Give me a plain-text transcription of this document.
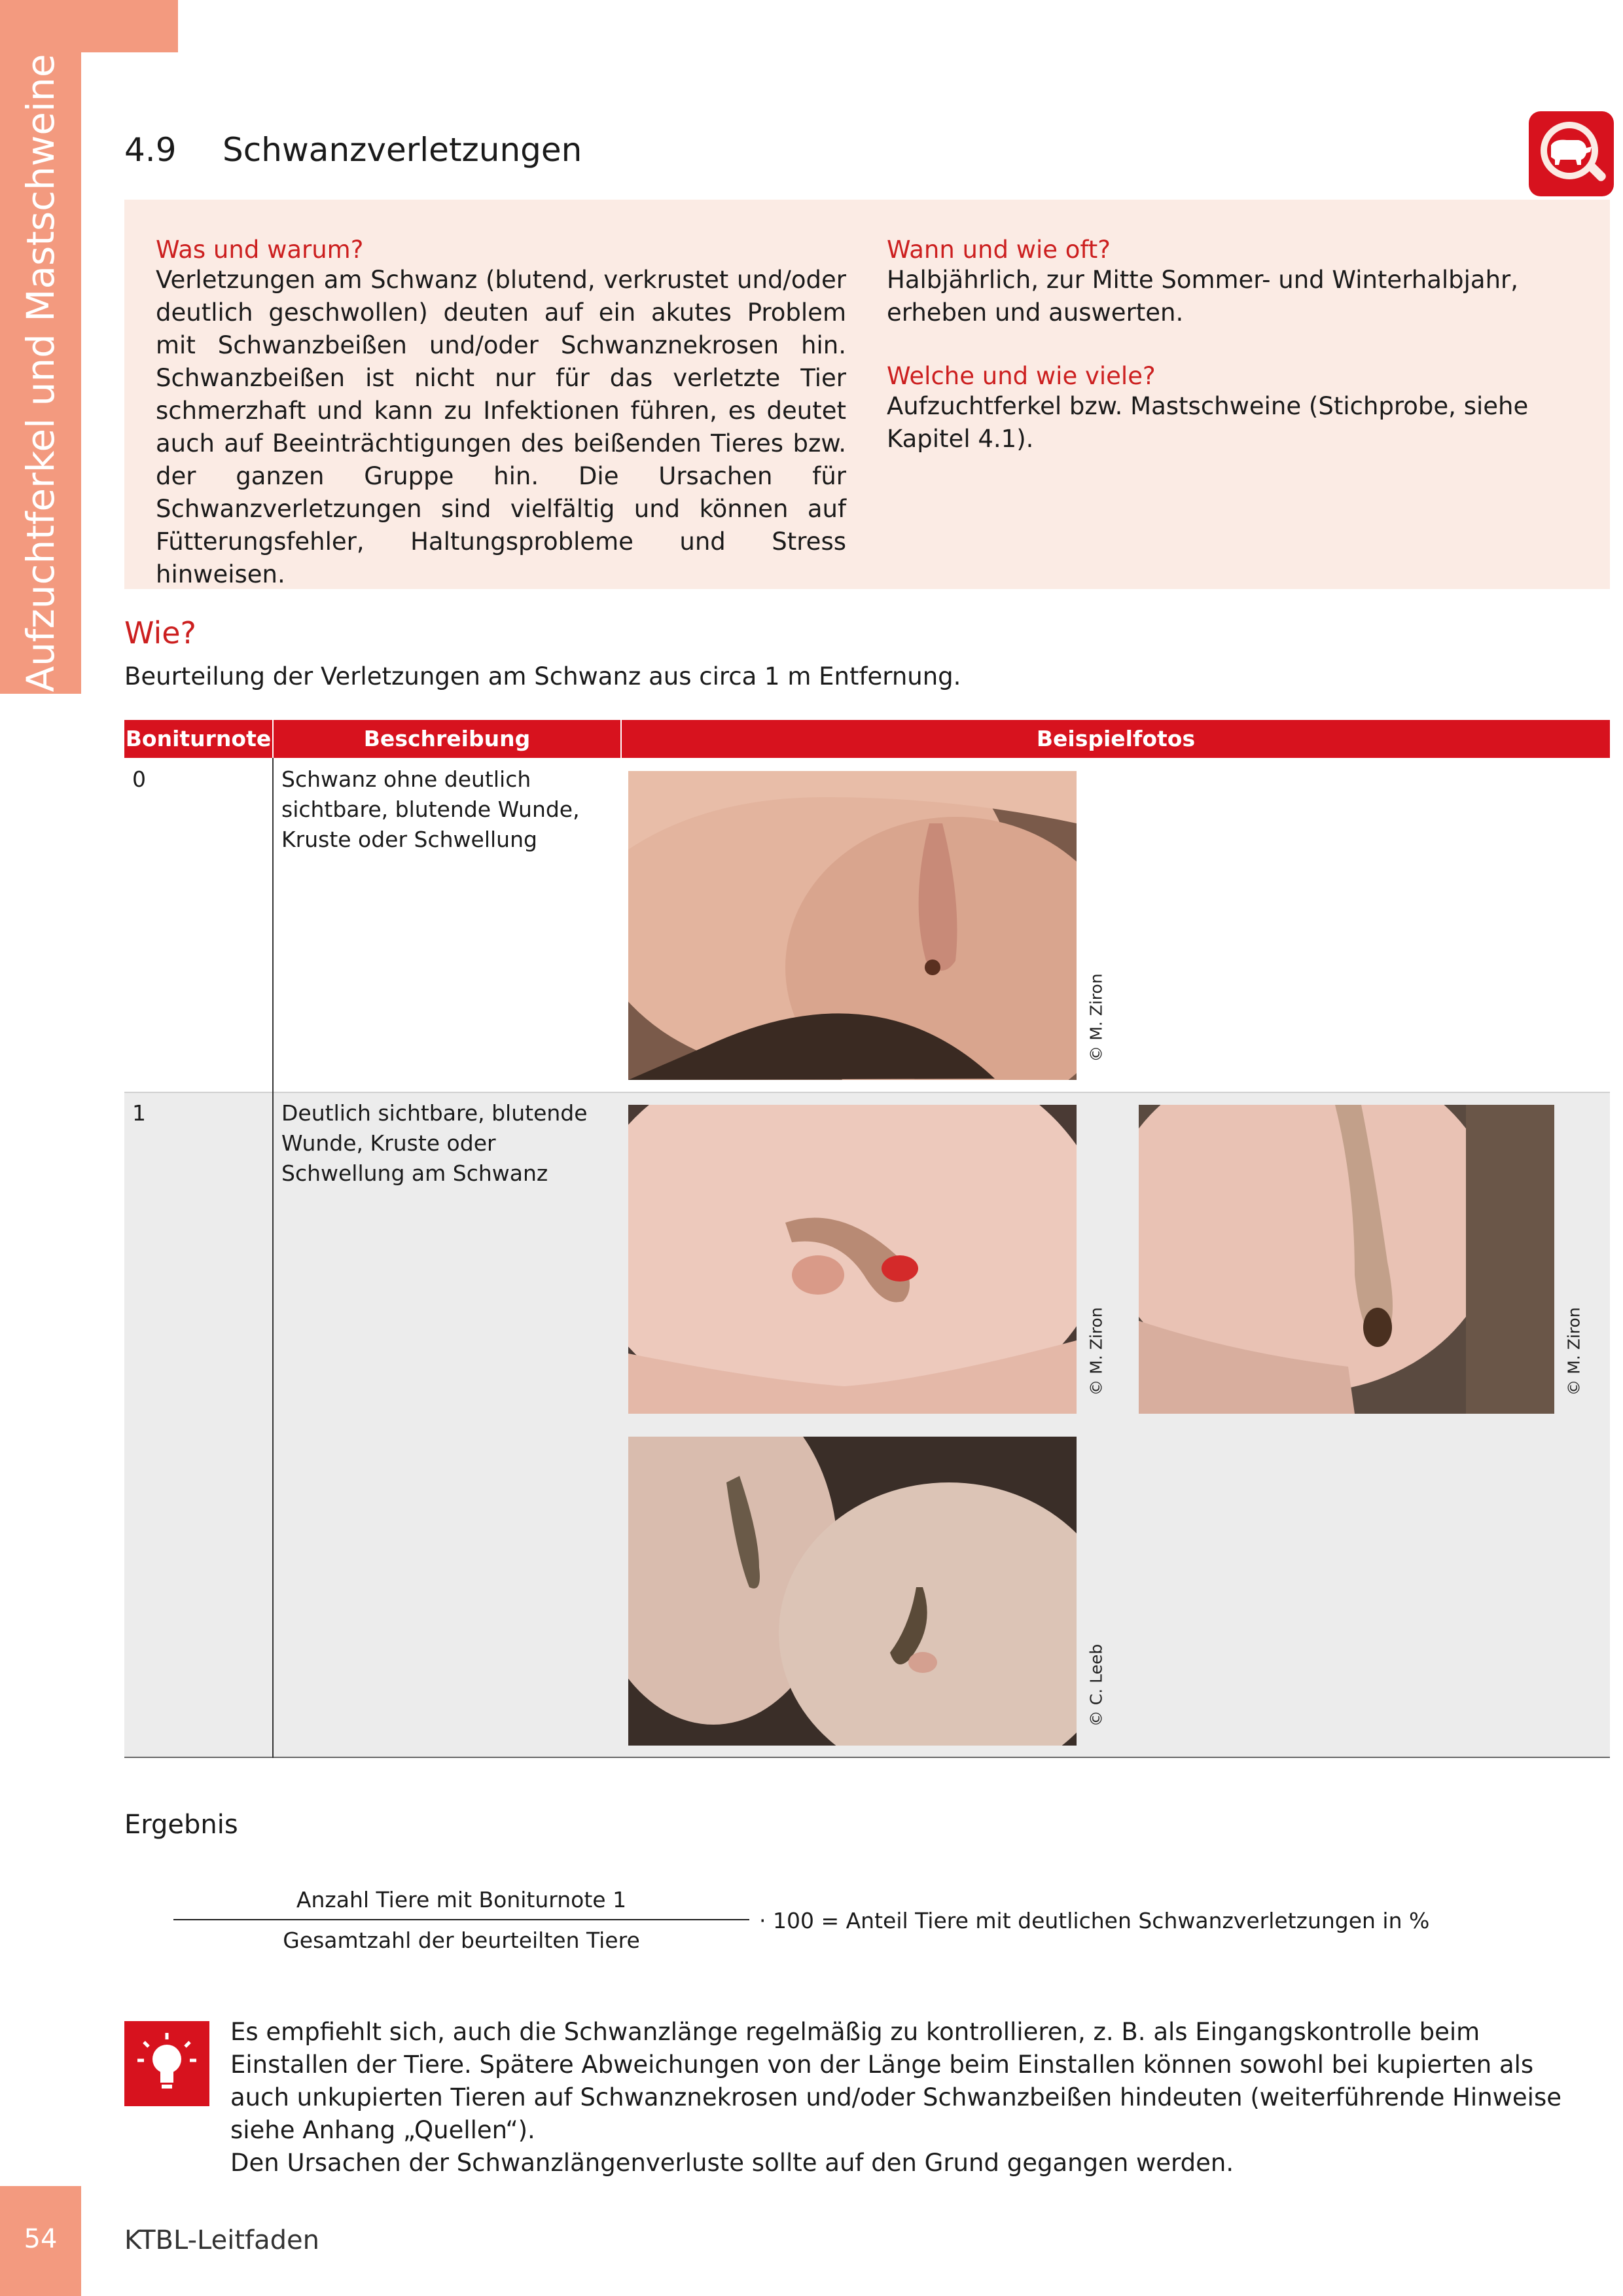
Aufzuchtferkel und Mastschweine 4.9 Schwanzverletzungen
Was und warum?
Verletzungen am Schwanz (blutend, verkrustet und/oder deutlich geschwollen) deuten auf ein akutes Problem mit Schwanzbeißen und/oder Schwanznekrosen hin. Schwanzbeißen ist nicht nur für das verletzte Tier schmerzhaft und kann zu Infektionen führen, es deutet auch auf Beeinträchtigungen des beißenden Tieres bzw. der ganzen Gruppe hin. Die Ursachen für Schwanzverletzungen sind vielfältig und können auf Fütterungsfehler, Haltungsprobleme und Stress hinweisen.
Wann und wie oft?
Halbjährlich, zur Mitte Sommer- und Winterhalbjahr, erheben und auswerten.
Welche und wie viele?
Aufzuchtferkel bzw. Mastschweine (Stichprobe, siehe Kapitel 4.1).
Wie?
Beurteilung der Verletzungen am Schwanz aus circa 1 m Entfernung.
Boniturnote	Beschreibung	Beispielfotos
0	Schwanz ohne deutlich sichtbare, blutende Wunde, Kruste oder Schwellung
1	Deutlich sichtbare, blutende Wunde, Kruste oder Schwellung am Schwanz
© M. Ziron
© M. Ziron	© M. Ziron
© C. Leeb
Ergebnis
Anzahl Tiere mit Boniturnote 1
Gesamtzahl der beurteilten Tiere
· 100 = Anteil Tiere mit deutlichen Schwanzverletzungen in %
Es empfiehlt sich, auch die Schwanzlänge regelmäßig zu kontrollieren, z. B. als Eingangskontrolle beim Einstallen der Tiere. Spätere Abweichungen von der Länge beim Einstallen können sowohl bei kupierten als auch unkupierten Tieren auf Schwanznekrosen und/oder Schwanzbeißen hindeuten (weiterführende Hinweise siehe Anhang „Quellen“).
Den Ursachen der Schwanzlängenverluste sollte auf den Grund gegangen werden.
54	KTBL-Leitfaden
